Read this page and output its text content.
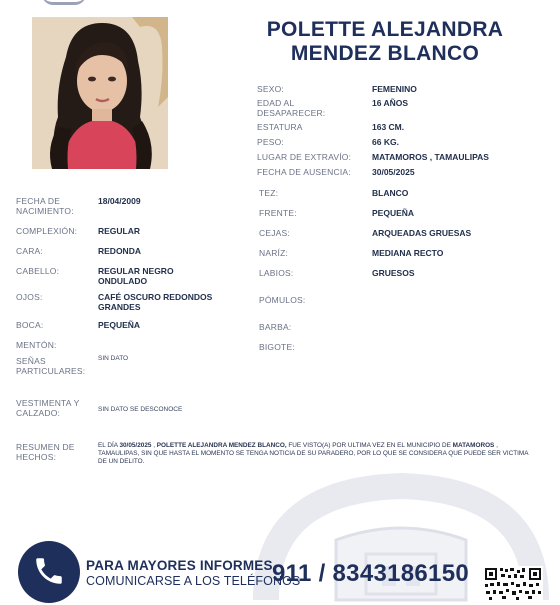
POLETTE ALEJANDRA
MENDEZ BLANCO
SEXO:	FEMENINO
EDAD AL DESAPARECER:
16 AÑOS
ESTATURA	163 CM.
PESO:	66 KG.
LUGAR DE EXTRAVÍO: MATAMOROS , TAMAULIPAS
FECHA DE AUSENCIA: 30/05/2025
TEZ:	BLANCO
FRENTE:	PEQUEÑA
CEJAS:	ARQUEADAS GRUESAS
NARÍZ:	MEDIANA RECTO
LABIOS:	GRUESOS
PÓMULOS:
BARBA:
BIGOTE:
FECHA DE NACIMIENTO:
18/04/2009
COMPLEXIÓN: REGULAR
CARA:	REDONDA
CABELLO:	REGULAR NEGRO ONDULADO
OJOS:	CAFÉ OSCURO REDONDOS GRANDES
BOCA:	PEQUEÑA
MENTÓN:
SEÑAS PARTICULARES:
SIN DATO
VESTIMENTA Y CALZADO:	SIN DATO SE DESCONOCE
RESUMEN DE HECHOS:
EL DÍA 30/05/2025 , POLETTE ALEJANDRA MENDEZ BLANCO, FUE VISTO(A) POR ULTIMA VEZ EN EL MUNICIPIO DE MATAMOROS , TAMAULIPAS, SIN QUE HASTA EL MOMENTO SE TENGA NOTICIA DE SU PARADERO, POR LO QUE SE CONSIDERA QUE PUEDE SER VICTIMA DE UN DELITO.
PARA MAYORES INFORMES,
COMUNICARSE A LOS TELÉFONOS
911 / 8343186150
